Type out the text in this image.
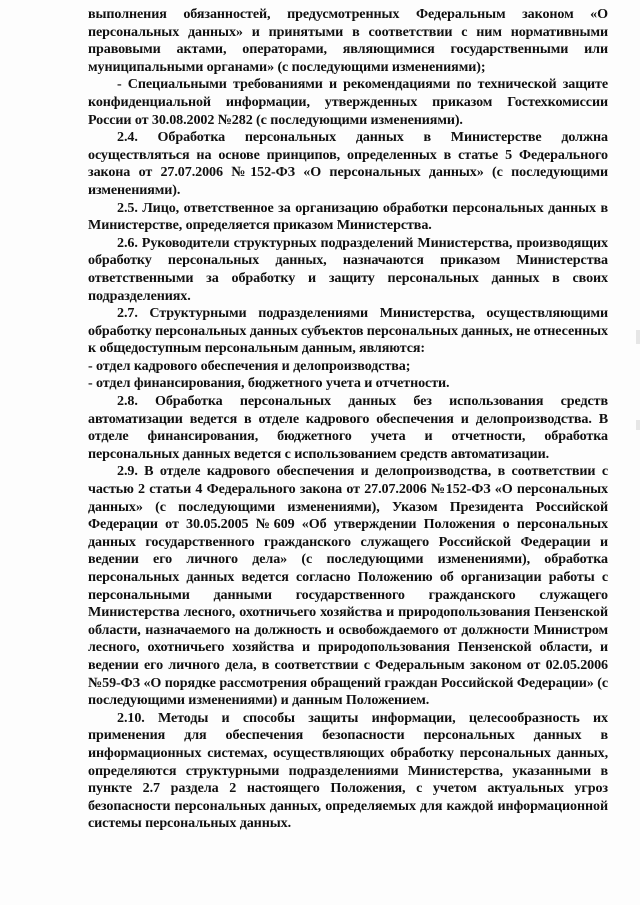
выполнения обязанностей, предусмотренных Федеральным законом «О персональных данных» и принятыми в соответствии с ним нормативными правовыми актами, операторами, являющимися государственными или муниципальными органами» (с последующими изменениями);

- Специальными требованиями и рекомендациями по технической защите конфиденциальной информации, утвержденных приказом Гостехкомиссии России от 30.08.2002 №282 (с последующими изменениями).

2.4. Обработка персональных данных в Министерстве должна осуществляться на основе принципов, определенных в статье 5 Федерального закона от 27.07.2006 №152-ФЗ «О персональных данных» (с последующими изменениями).

2.5. Лицо, ответственное за организацию обработки персональных данных в Министерстве, определяется приказом Министерства.

2.6. Руководители структурных подразделений Министерства, производящих обработку персональных данных, назначаются приказом Министерства ответственными за обработку и защиту персональных данных в своих подразделениях.

2.7. Структурными подразделениями Министерства, осуществляющими обработку персональных данных субъектов персональных данных, не отнесенных к общедоступным персональным данным, являются:

- отдел кадрового обеспечения и делопроизводства;

- отдел финансирования, бюджетного учета и отчетности.

2.8. Обработка персональных данных без использования средств автоматизации ведется в отделе кадрового обеспечения и делопроизводства. В отделе финансирования, бюджетного учета и отчетности, обработка персональных данных ведется с использованием средств автоматизации.

2.9. В отделе кадрового обеспечения и делопроизводства, в соответствии с частью 2 статьи 4 Федерального закона от 27.07.2006 №152-ФЗ «О персональных данных» (с последующими изменениями), Указом Президента Российской Федерации от 30.05.2005 №609 «Об утверждении Положения о персональных данных государственного гражданского служащего Российской Федерации и ведении его личного дела» (с последующими изменениями), обработка персональных данных ведется согласно Положению об организации работы с персональными данными государственного гражданского служащего Министерства лесного, охотничьего хозяйства и природопользования Пензенской области, назначаемого на должность и освобождаемого от должности Министром лесного, охотничьего хозяйства и природопользования Пензенской области, и ведении его личного дела, в соответствии с Федеральным законом от 02.05.2006 №59-ФЗ «О порядке рассмотрения обращений граждан Российской Федерации» (с последующими изменениями) и данным Положением.

2.10. Методы и способы защиты информации, целесообразность их применения для обеспечения безопасности персональных данных в информационных системах, осуществляющих обработку персональных данных, определяются структурными подразделениями Министерства, указанными в пункте 2.7 раздела 2 настоящего Положения, с учетом актуальных угроз безопасности персональных данных, определяемых для каждой информационной системы персональных данных.
